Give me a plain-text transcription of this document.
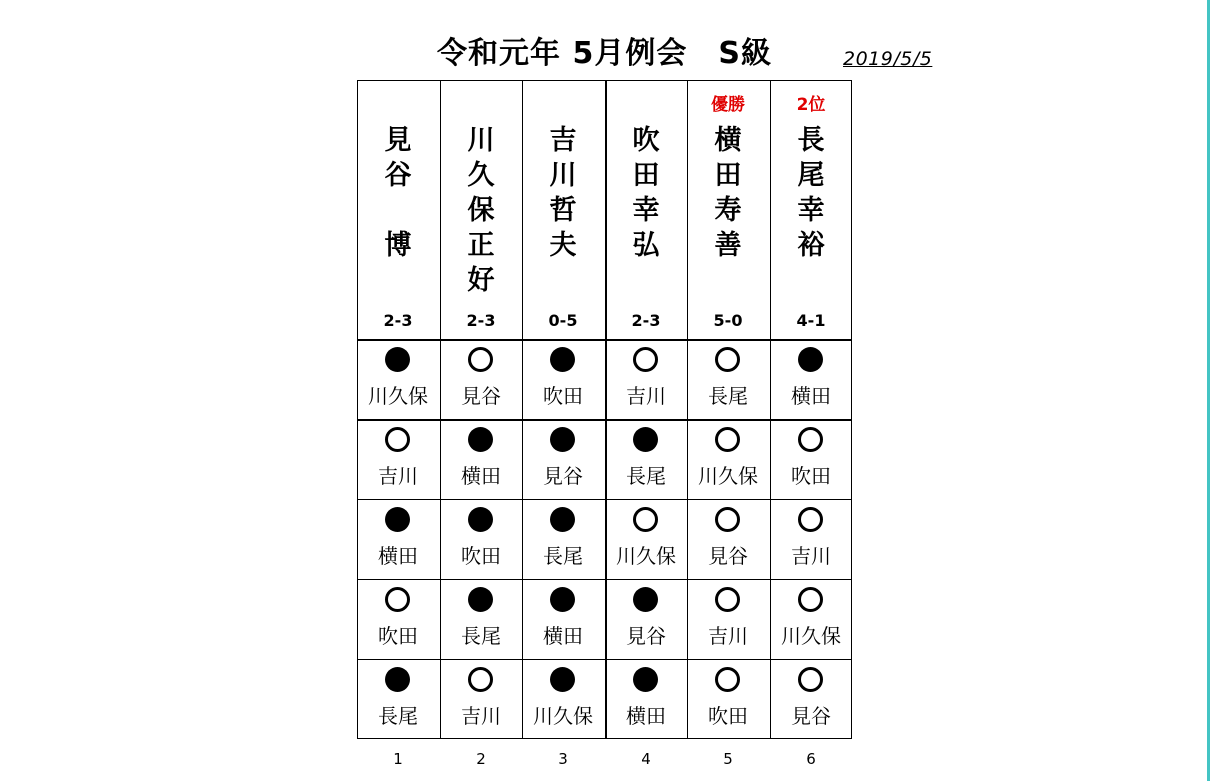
令和元年 5月例会　S級	2019/5/5
見
谷
博
2-3
川久保
吉川
横田
吹田
長尾
1
川
久
保
正
好
2-3
見谷
横田
吹田
長尾
吉川
2
吉
川
哲
夫
0-5
吹田
見谷
長尾
横田
川久保
3
吹
田
幸
弘
2-3
吉川
長尾
川久保
見谷
横田
4
優勝
横
田
寿
善
5-0
長尾
川久保
見谷
吉川
吹田
5
2位
長
尾
幸
裕
4-1
横田
吹田
吉川
川久保
見谷
6
